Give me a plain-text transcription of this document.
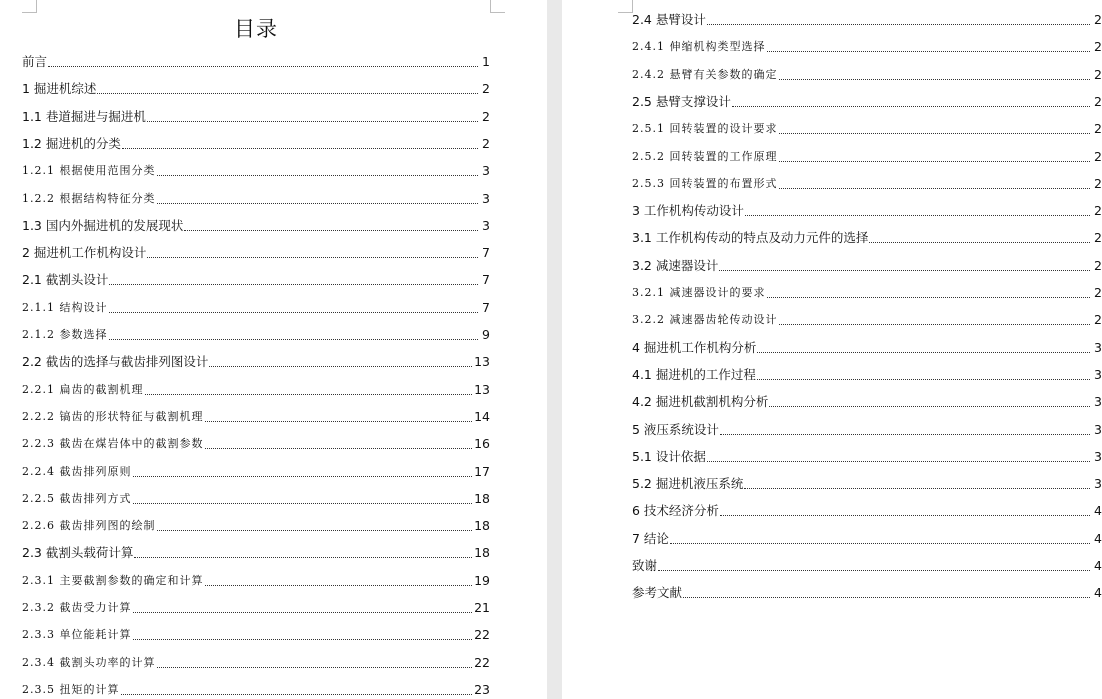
目录
前言	1
1 掘进机综述	2
1.1 巷道掘进与掘进机	2
1.2 掘进机的分类	2
1.2.1 根据使用范围分类	3
1.2.2 根据结构特征分类	3
1.3 国内外掘进机的发展现状	3
2 掘进机工作机构设计	7
2.1 截割头设计	7
2.1.1 结构设计	7
2.1.2 参数选择	9
2.2 截齿的选择与截齿排列图设计	13
2.2.1 扁齿的截割机理	13
2.2.2 镐齿的形状特征与截割机理	14
2.2.3 截齿在煤岩体中的截割参数	16
2.2.4 截齿排列原则	17
2.2.5 截齿排列方式	18
2.2.6 截齿排列图的绘制	18
2.3 截割头载荷计算	18
2.3.1 主要截割参数的确定和计算	19
2.3.2 截齿受力计算	21
2.3.3 单位能耗计算	22
2.3.4 截割头功率的计算	22
2.3.5 扭矩的计算	23
2.4 悬臂设计	2
2.4.1 伸缩机构类型选择	2
2.4.2 悬臂有关参数的确定	2
2.5 悬臂支撑设计	2
2.5.1 回转装置的设计要求	2
2.5.2 回转装置的工作原理	2
2.5.3 回转装置的布置形式	2
3 工作机构传动设计	2
3.1 工作机构传动的特点及动力元件的选择	2
3.2 减速器设计	2
3.2.1 减速器设计的要求	2
3.2.2 减速器齿轮传动设计	2
4 掘进机工作机构分析	3
4.1 掘进机的工作过程	3
4.2 掘进机截割机构分析	3
5 液压系统设计	3
5.1 设计依据	3
5.2 掘进机液压系统	3
6 技术经济分析	4
7 结论	4
致谢	4
参考文献	4
